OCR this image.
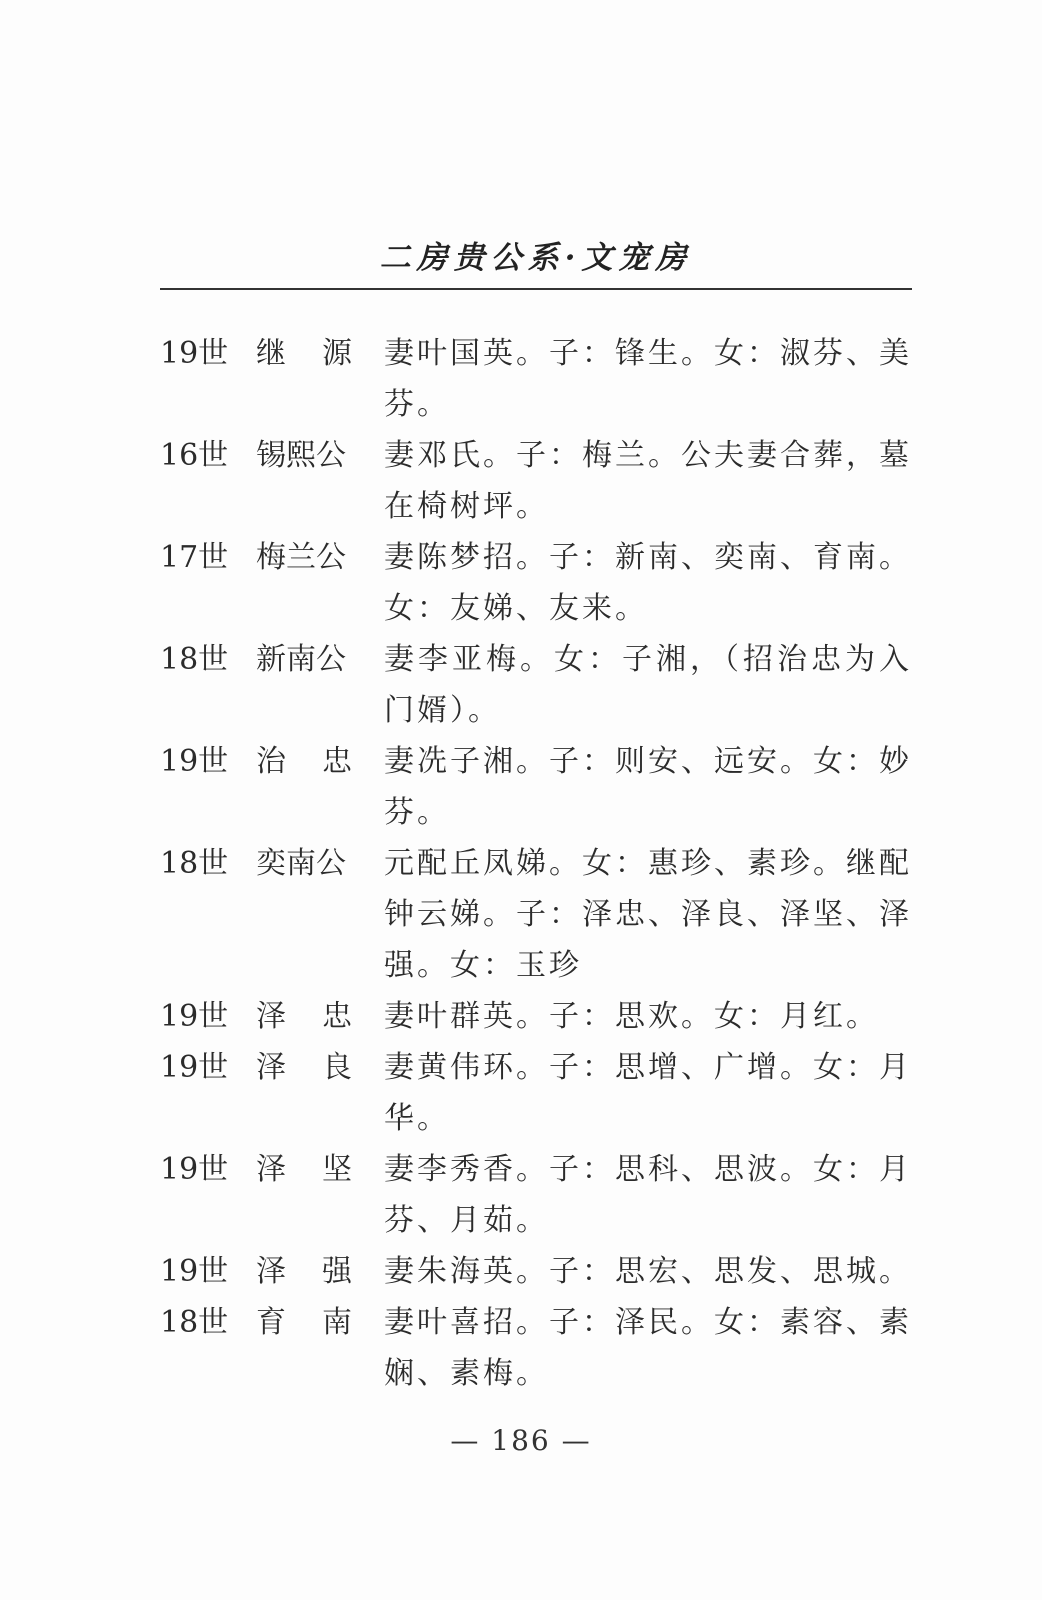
二房贵公系·文宠房
19世 继 源 妻叶国英。子：锋生。女：淑芬、美芬。
16世 锡熙公	妻邓氏。子：梅兰。公夫妻合葬，墓在椅树坪。
17世 梅兰公	妻陈梦招。子：新南、奕南、育南。女：友娣、友来。
18世 新南公	妻李亚梅。女：子湘，（招治忠为入门婿）。
19世 治 忠 妻冼子湘。子：则安、远安。女：妙芬。
18世 奕南公	元配丘凤娣。女：惠珍、素珍。继配钟云娣。子：泽忠、泽良、泽坚、泽强。女：玉珍
19世 泽 忠 妻叶群英。子：思欢。女：月红。
19世 泽 良 妻黄伟环。子：思增、广增。女：月华。
19世 泽 坚 妻李秀香。子：思科、思波。女：月芬、月茹。
19世 泽 强 妻朱海英。子：思宏、思发、思城。
18世 育 南 妻叶喜招。子：泽民。女：素容、素娴、素梅。
— 186 —
